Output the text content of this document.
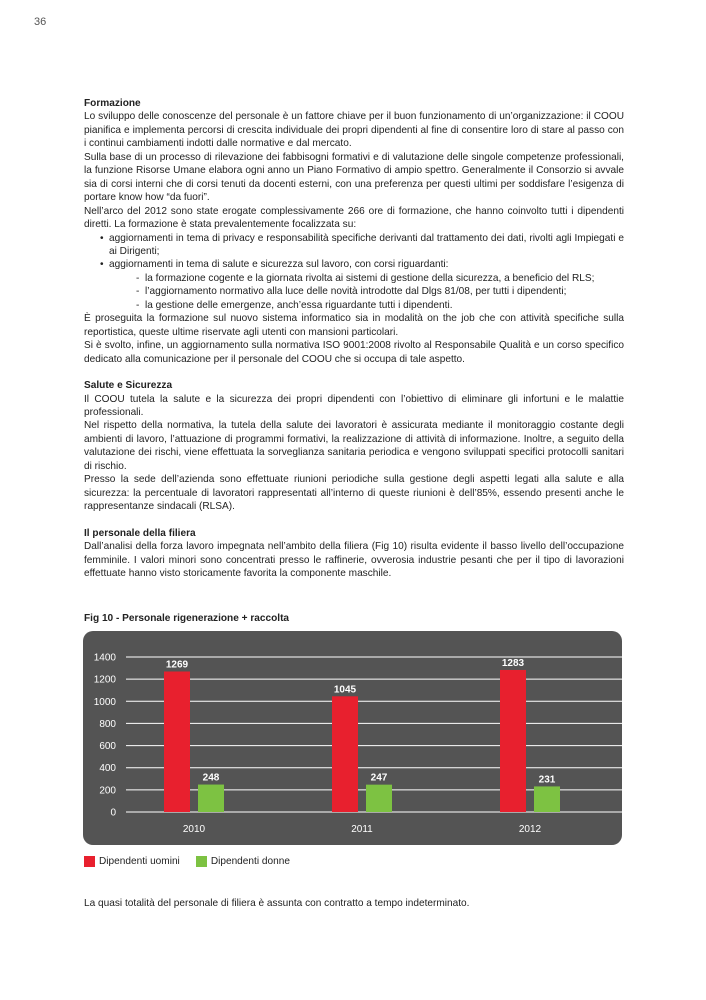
36

Formazione

Lo sviluppo delle conoscenze del personale è un fattore chiave per il buon funzionamento di un’organizzazione: il COOU pianifica e implementa percorsi di crescita individuale dei propri dipendenti al fine di consentire loro di stare al passo con i continui cambiamenti indotti dalle normative e dal mercato.

Sulla base di un processo di rilevazione dei fabbisogni formativi e di valutazione delle singole competenze professionali, la funzione Risorse Umane elabora ogni anno un Piano Formativo di ampio spettro. Generalmente il Consorzio si avvale sia di corsi interni che di corsi tenuti da docenti esterni, con una preferenza per questi ultimi per soddisfare l’esigenza di portare know how “da fuori”.

Nell’arco del 2012 sono state erogate complessivamente 266 ore di formazione, che hanno coinvolto tutti i dipendenti diretti. La formazione è stata prevalentemente focalizzata su:

• aggiornamenti in tema di privacy e responsabilità specifiche derivanti dal trattamento dei dati, rivolti agli Impiegati e ai Dirigenti;
• aggiornamenti in tema di salute e sicurezza sul lavoro, con corsi riguardanti:
- la formazione cogente e la giornata rivolta ai sistemi di gestione della sicurezza, a beneficio del RLS;
- l’aggiornamento normativo alla luce delle novità introdotte dal Dlgs 81/08, per tutti i dipendenti;
- la gestione delle emergenze, anch’essa riguardante tutti i dipendenti.

È proseguita la formazione sul nuovo sistema informatico sia in modalità on the job che con attività specifiche sulla reportistica, queste ultime riservate agli utenti con mansioni particolari.

Si è svolto, infine, un aggiornamento sulla normativa ISO 9001:2008 rivolto al Responsabile Qualità e un corso specifico dedicato alla comunicazione per il personale del COOU che si occupa di tale aspetto.

Salute e Sicurezza

Il COOU tutela la salute e la sicurezza dei propri dipendenti con l’obiettivo di eliminare gli infortuni e le malattie professionali.

Nel rispetto della normativa, la tutela della salute dei lavoratori è assicurata mediante il monitoraggio costante degli ambienti di lavoro, l’attuazione di programmi formativi, la realizzazione di attività di informazione. Inoltre, a seguito della valutazione dei rischi, viene effettuata la sorveglianza sanitaria periodica e vengono sviluppati specifici protocolli sanitari di rischio.

Presso la sede dell’azienda sono effettuate riunioni periodiche sulla gestione degli aspetti legati alla salute e alla sicurezza: la percentuale di lavoratori rappresentati all’interno di queste riunioni è dell’85%, essendo presenti anche le rappresentanze sindacali (RLSA).

Il personale della filiera

Dall’analisi della forza lavoro impegnata nell’ambito della filiera (Fig 10) risulta evidente il basso livello dell’occupazione femminile. I valori minori sono concentrati presso le raffinerie, ovverosia industrie pesanti che per il tipo di lavorazioni effettuate hanno visto storicamente favorita la componente maschile.

Fig 10 - Personale rigenerazione + raccolta
0
200
400
600
800
1000
1200
1400
1269
248
2010
1045
247
2011
1283
231
2012
Dipendenti uomini	Dipendenti donne
La quasi totalità del personale di filiera è assunta con contratto a tempo indeterminato.
